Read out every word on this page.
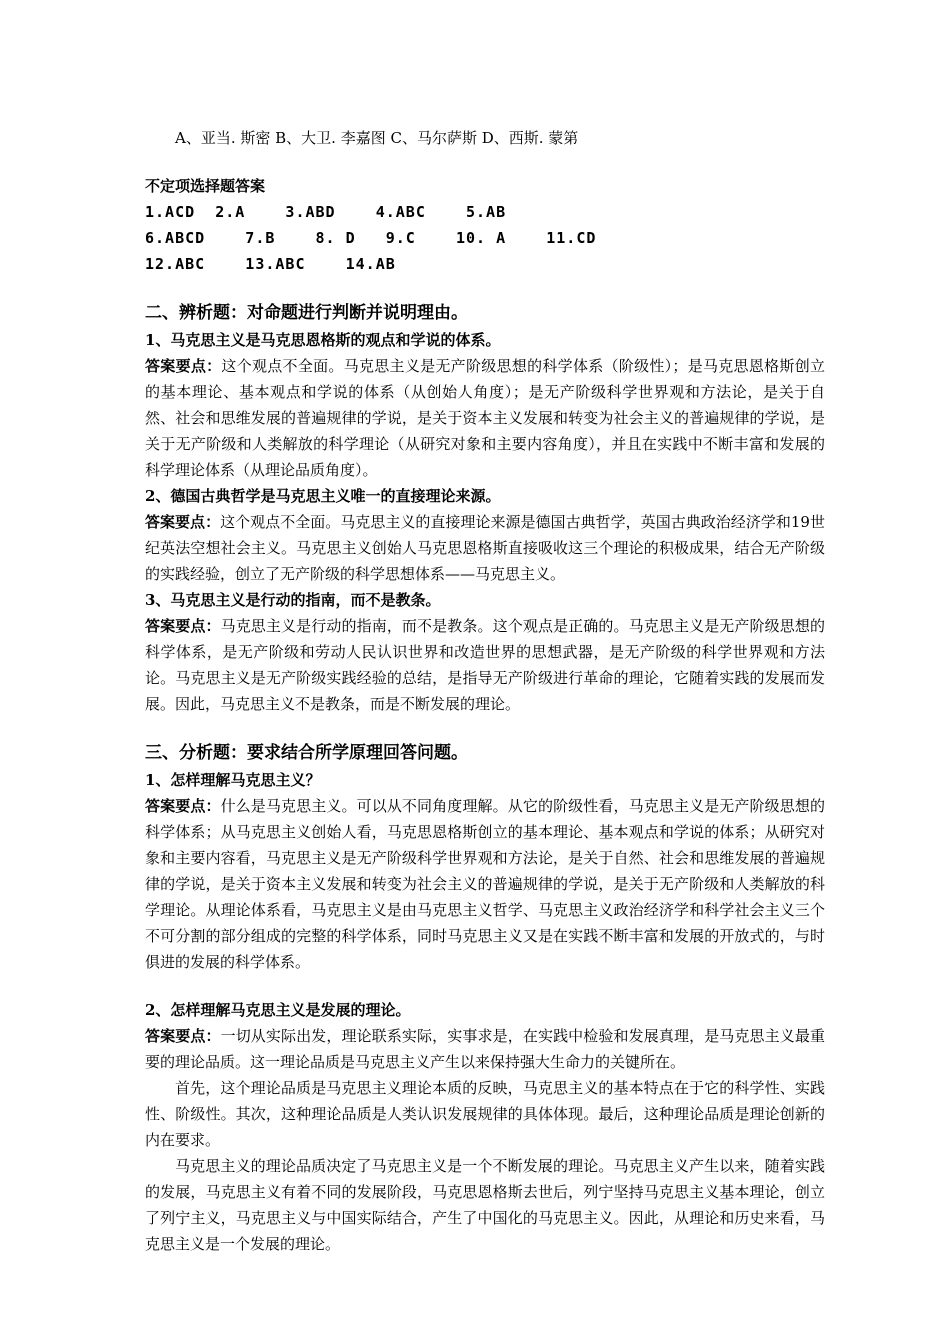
A、亚当. 斯密 B、大卫. 李嘉图 C、马尔萨斯 D、西斯. 蒙第

不定项选择题答案

1.ACD  2.A    3.ABD    4.ABC    5.AB

6.ABCD    7.B    8. D   9.C    10. A    11.CD

12.ABC    13.ABC    14.AB

二、辨析题：对命题进行判断并说明理由。

1、马克思主义是马克思恩格斯的观点和学说的体系。

答案要点：这个观点不全面。马克思主义是无产阶级思想的科学体系（阶级性）；是马克思恩格斯创立的基本理论、基本观点和学说的体系（从创始人角度）；是无产阶级科学世界观和方法论，是关于自然、社会和思维发展的普遍规律的学说，是关于资本主义发展和转变为社会主义的普遍规律的学说，是关于无产阶级和人类解放的科学理论（从研究对象和主要内容角度），并且在实践中不断丰富和发展的科学理论体系（从理论品质角度）。

2、德国古典哲学是马克思主义唯一的直接理论来源。

答案要点：这个观点不全面。马克思主义的直接理论来源是德国古典哲学，英国古典政治经济学和19世纪英法空想社会主义。马克思主义创始人马克思恩格斯直接吸收这三个理论的积极成果，结合无产阶级的实践经验，创立了无产阶级的科学思想体系——马克思主义。

3、马克思主义是行动的指南，而不是教条。

答案要点：马克思主义是行动的指南，而不是教条。这个观点是正确的。马克思主义是无产阶级思想的科学体系，是无产阶级和劳动人民认识世界和改造世界的思想武器，是无产阶级的科学世界观和方法论。马克思主义是无产阶级实践经验的总结，是指导无产阶级进行革命的理论，它随着实践的发展而发展。因此，马克思主义不是教条，而是不断发展的理论。

三、分析题：要求结合所学原理回答问题。

1、怎样理解马克思主义？

答案要点：什么是马克思主义。可以从不同角度理解。从它的阶级性看，马克思主义是无产阶级思想的科学体系；从马克思主义创始人看，马克思恩格斯创立的基本理论、基本观点和学说的体系；从研究对象和主要内容看，马克思主义是无产阶级科学世界观和方法论，是关于自然、社会和思维发展的普遍规律的学说，是关于资本主义发展和转变为社会主义的普遍规律的学说，是关于无产阶级和人类解放的科学理论。从理论体系看，马克思主义是由马克思主义哲学、马克思主义政治经济学和科学社会主义三个不可分割的部分组成的完整的科学体系，同时马克思主义又是在实践不断丰富和发展的开放式的，与时俱进的发展的科学体系。

2、怎样理解马克思主义是发展的理论。

答案要点：一切从实际出发，理论联系实际，实事求是，在实践中检验和发展真理，是马克思主义最重要的理论品质。这一理论品质是马克思主义产生以来保持强大生命力的关键所在。

首先，这个理论品质是马克思主义理论本质的反映，马克思主义的基本特点在于它的科学性、实践性、阶级性。其次，这种理论品质是人类认识发展规律的具体体现。最后，这种理论品质是理论创新的内在要求。

马克思主义的理论品质决定了马克思主义是一个不断发展的理论。马克思主义产生以来，随着实践的发展，马克思主义有着不同的发展阶段，马克思恩格斯去世后，列宁坚持马克思主义基本理论，创立了列宁主义，马克思主义与中国实际结合，产生了中国化的马克思主义。因此，从理论和历史来看，马克思主义是一个发展的理论。
